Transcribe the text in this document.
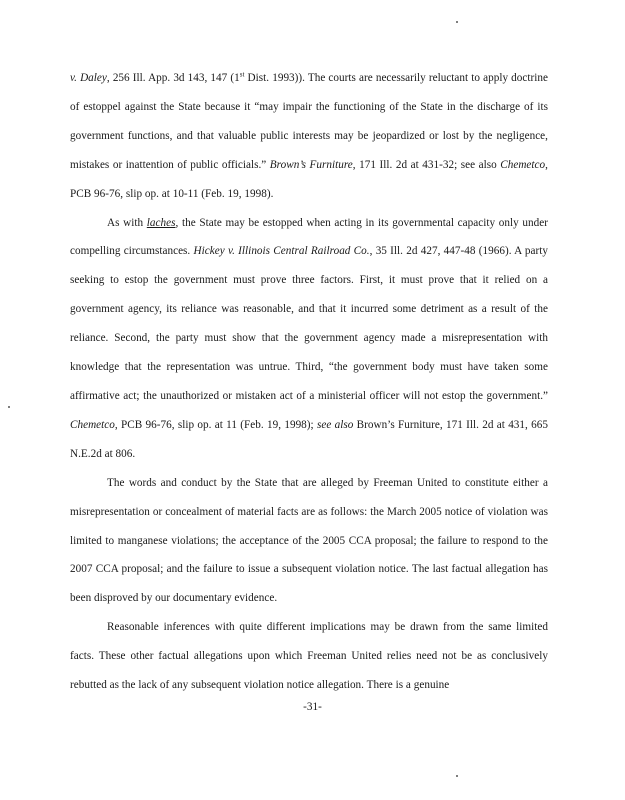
v. Daley, 256 Ill. App. 3d 143, 147 (1st Dist. 1993)). The courts are necessarily reluctant to apply doctrine of estoppel against the State because it “may impair the functioning of the State in the discharge of its government functions, and that valuable public interests may be jeopardized or lost by the negligence, mistakes or inattention of public officials.” Brown’s Furniture, 171 Ill. 2d at 431-32; see also Chemetco, PCB 96-76, slip op. at 10-11 (Feb. 19, 1998).

As with laches, the State may be estopped when acting in its governmental capacity only under compelling circumstances. Hickey v. Illinois Central Railroad Co., 35 Ill. 2d 427, 447-48 (1966). A party seeking to estop the government must prove three factors. First, it must prove that it relied on a government agency, its reliance was reasonable, and that it incurred some detriment as a result of the reliance. Second, the party must show that the government agency made a misrepresentation with knowledge that the representation was untrue. Third, “the government body must have taken some affirmative act; the unauthorized or mistaken act of a ministerial officer will not estop the government.” Chemetco, PCB 96-76, slip op. at 11 (Feb. 19, 1998); see also Brown’s Furniture, 171 Ill. 2d at 431, 665 N.E.2d at 806.

The words and conduct by the State that are alleged by Freeman United to constitute either a misrepresentation or concealment of material facts are as follows: the March 2005 notice of violation was limited to manganese violations; the acceptance of the 2005 CCA proposal; the failure to respond to the 2007 CCA proposal; and the failure to issue a subsequent violation notice. The last factual allegation has been disproved by our documentary evidence.

Reasonable inferences with quite different implications may be drawn from the same limited facts. These other factual allegations upon which Freeman United relies need not be as conclusively rebutted as the lack of any subsequent violation notice allegation. There is a genuine

-31-
